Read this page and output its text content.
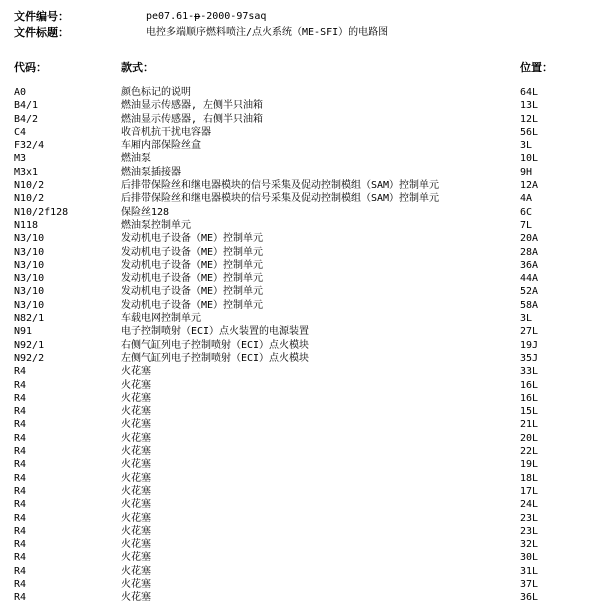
文件编号：	pe07.61-p-2000-97saq
文件标题：	电控多端顺序燃料喷注/点火系统（ME-SFI）的电路图
代码：	款式：	位置：
A0	颜色标记的说明	64L
B4/1	燃油显示传感器, 左侧半只油箱	13L
B4/2	燃油显示传感器, 右侧半只油箱	12L
C4	收音机抗干扰电容器	56L
F32/4	车厢内部保险丝盒	3L
M3	燃油泵	10L
M3x1	燃油泵插接器	9H
N10/2	后排带保险丝和继电器模块的信号采集及促动控制模组（SAM）控制单元	12A
N10/2	后排带保险丝和继电器模块的信号采集及促动控制模组（SAM）控制单元	4A
N10/2f128	保险丝128	6C
N118	燃油泵控制单元	7L
N3/10	发动机电子设备（ME）控制单元	20A
N3/10	发动机电子设备（ME）控制单元	28A
N3/10	发动机电子设备（ME）控制单元	36A
N3/10	发动机电子设备（ME）控制单元	44A
N3/10	发动机电子设备（ME）控制单元	52A
N3/10	发动机电子设备（ME）控制单元	58A
N82/1	车载电网控制单元	3L
N91	电子控制喷射（ECI）点火装置的电源装置	27L
N92/1	右侧气缸列电子控制喷射（ECI）点火模块	19J
N92/2	左侧气缸列电子控制喷射（ECI）点火模块	35J
R4	火花塞	33L
R4	火花塞	16L
R4	火花塞	16L
R4	火花塞	15L
R4	火花塞	21L
R4	火花塞	20L
R4	火花塞	22L
R4	火花塞	19L
R4	火花塞	18L
R4	火花塞	17L
R4	火花塞	24L
R4	火花塞	23L
R4	火花塞	23L
R4	火花塞	32L
R4	火花塞	30L
R4	火花塞	31L
R4	火花塞	37L
R4	火花塞	36L
